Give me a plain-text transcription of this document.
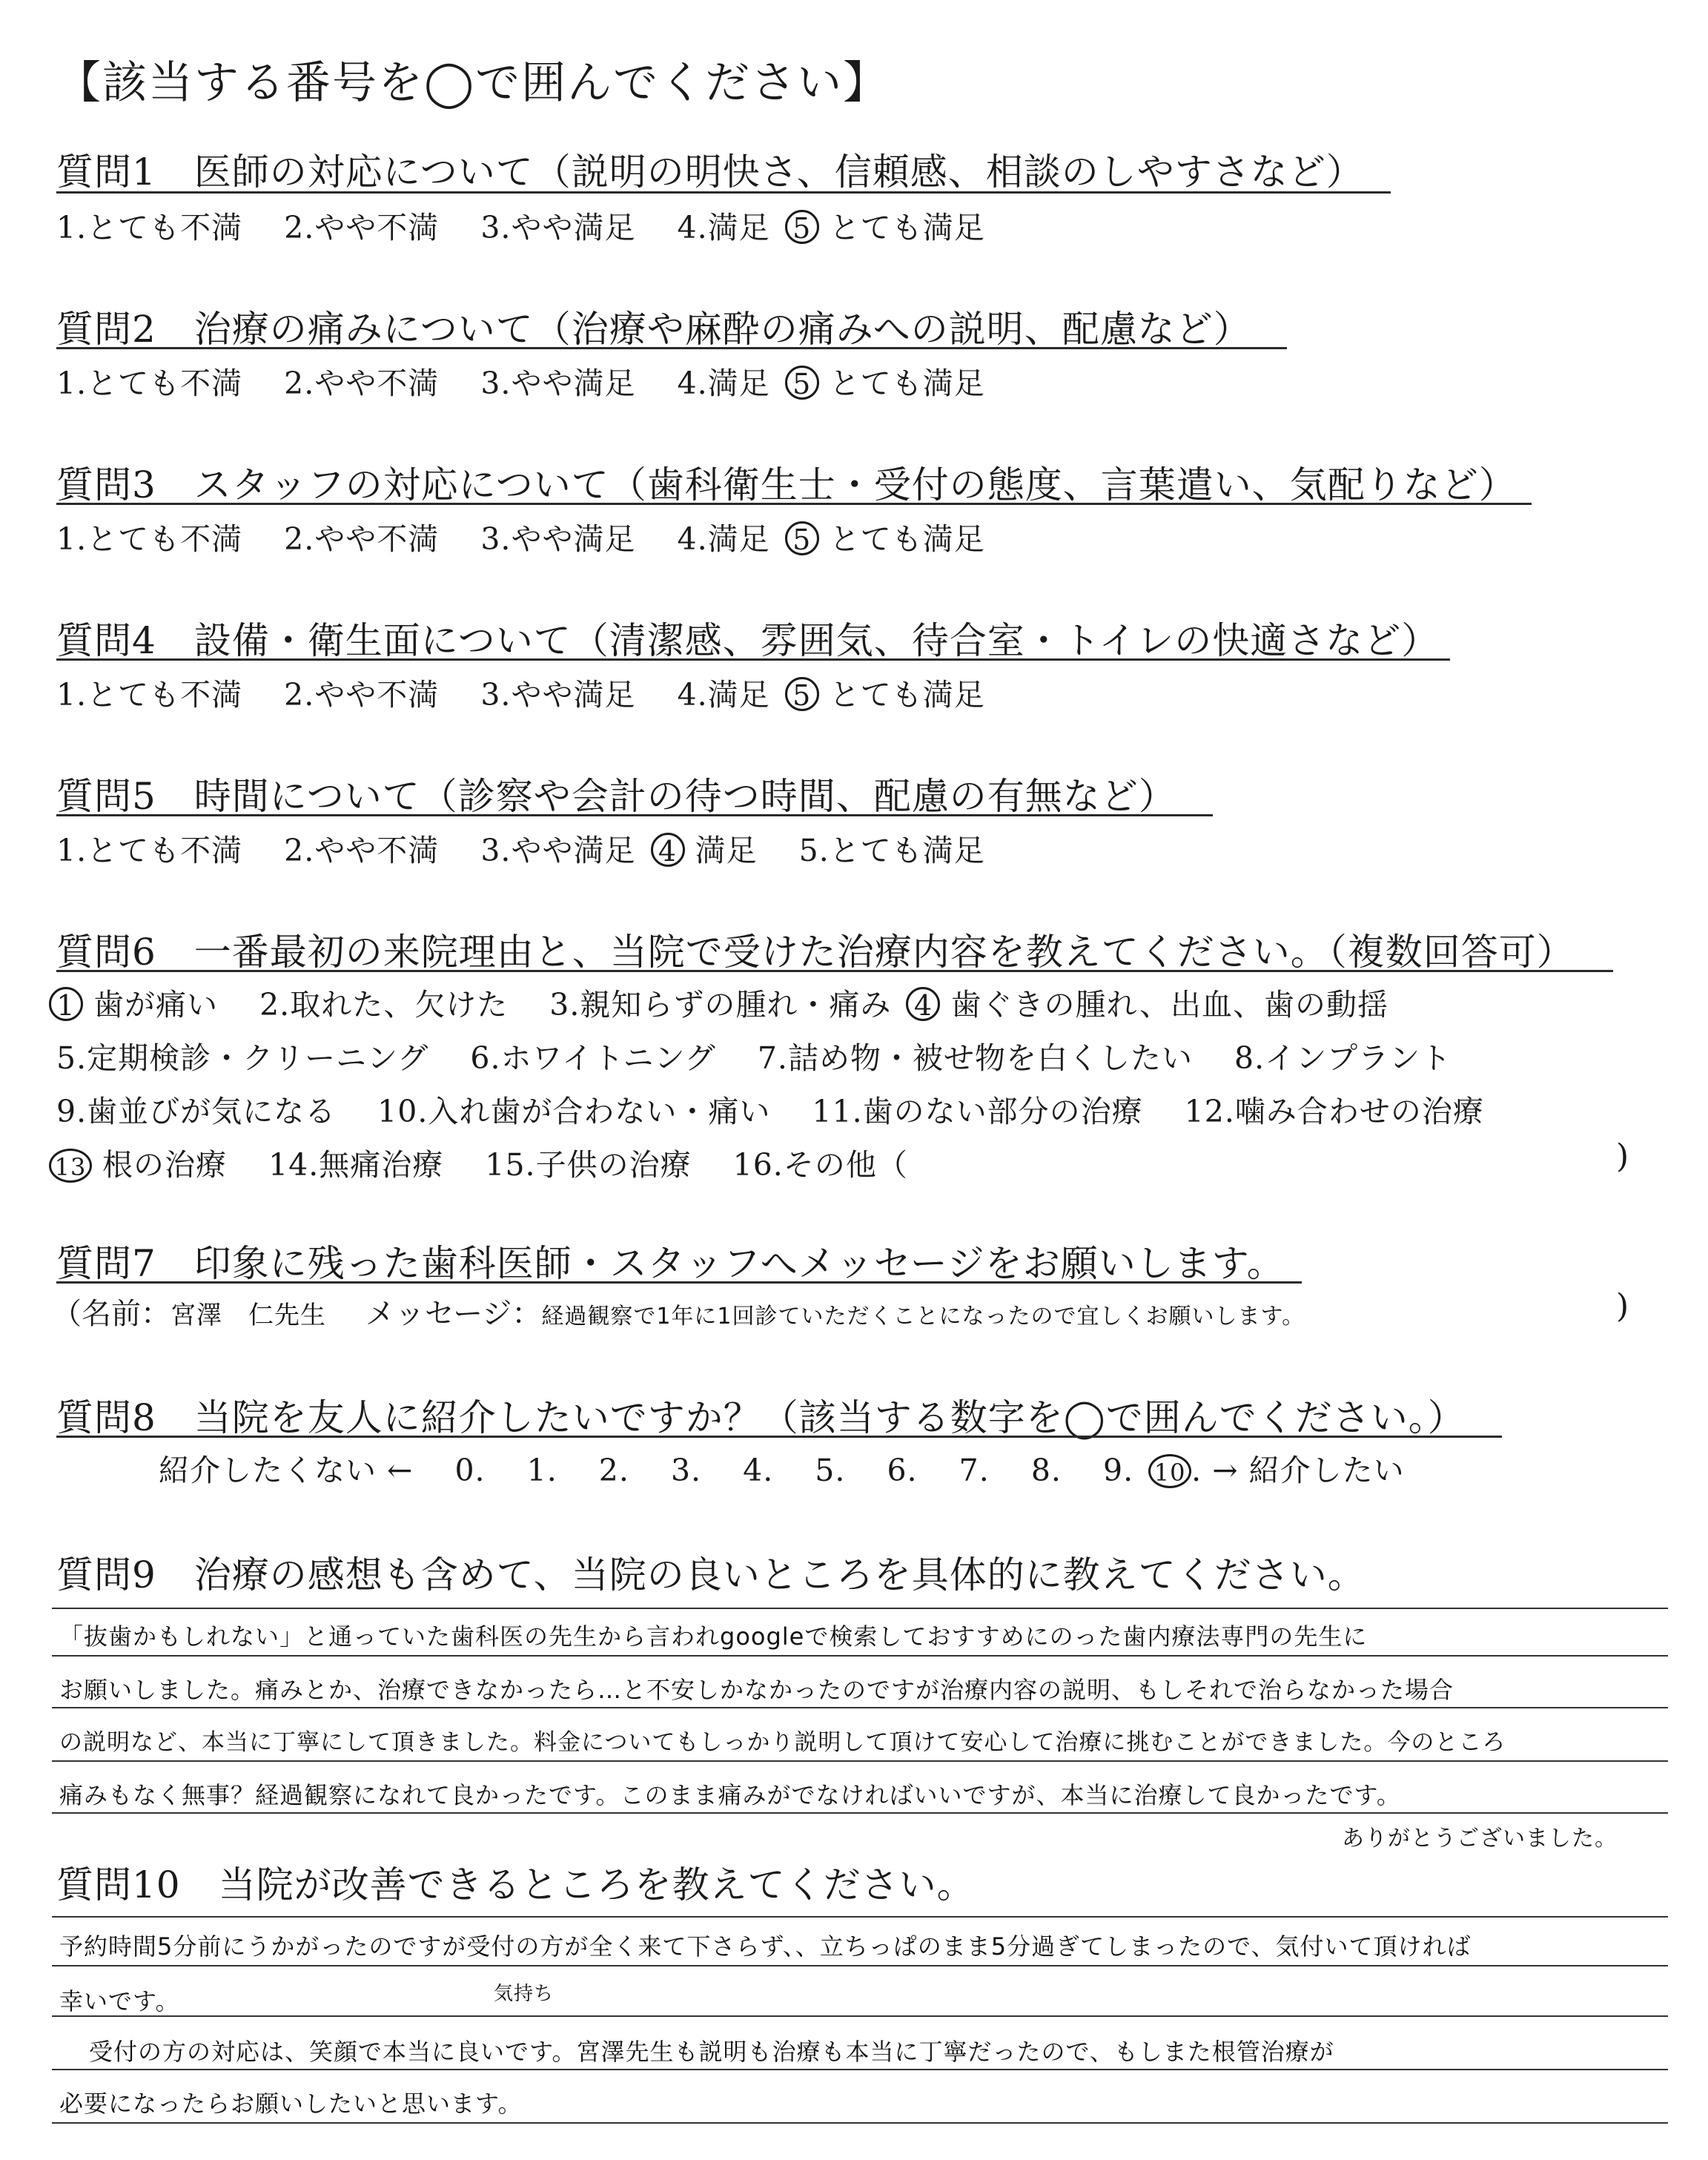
【該当する番号を◯で囲んでください】
質問1　医師の対応について（説明の明快さ、信頼感、相談のしやすさなど）
1.とても不満　 2.やや不満　 3.やや満足　 4.満足 5 とても満足
質問2　治療の痛みについて（治療や麻酔の痛みへの説明、配慮など）
1.とても不満　 2.やや不満　 3.やや満足　 4.満足 5 とても満足
質問3　スタッフの対応について（歯科衛生士・受付の態度、言葉遣い、気配りなど）
1.とても不満　 2.やや不満　 3.やや満足　 4.満足 5 とても満足
質問4　設備・衛生面について（清潔感、雰囲気、待合室・トイレの快適さなど）
1.とても不満　 2.やや不満　 3.やや満足　 4.満足 5 とても満足
質問5　時間について（診察や会計の待つ時間、配慮の有無など）
1.とても不満　 2.やや不満　 3.やや満足 4 満足　 5.とても満足
質問6　一番最初の来院理由と、当院で受けた治療内容を教えてください。（複数回答可）
1 歯が痛い　 2.取れた、欠けた　 3.親知らずの腫れ・痛み 4 歯ぐきの腫れ、出血、歯の動揺
5.定期検診・クリーニング　 6.ホワイトニング　 7.詰め物・被せ物を白くしたい　 8.インプラント
9.歯並びが気になる　 10.入れ歯が合わない・痛い　 11.歯のない部分の治療　 12.噛み合わせの治療
13 根の治療　 14.無痛治療　 15.子供の治療　 16.その他（	)
質問7　印象に残った歯科医師・スタッフへメッセージをお願いします。
（名前：宮澤　仁先生　 メッセージ：経過観察で1年に1回診ていただくことになったので宜しくお願いします。	)
質問8　当院を友人に紹介したいですか？（該当する数字を◯で囲んでください。）
紹介したくない ←　 0.　 1.　 2.　 3.　 4.　 5.　 6.　 7.　 8.　 9. 10 . → 紹介したい
質問9　治療の感想も含めて、当院の良いところを具体的に教えてください。
「抜歯かもしれない」と通っていた歯科医の先生から言われgoogleで検索しておすすめにのった歯内療法専門の先生に
お願いしました。痛みとか、治療できなかったら…と不安しかなかったのですが治療内容の説明、もしそれで治らなかった場合
の説明など、本当に丁寧にして頂きました。料金についてもしっかり説明して頂けて安心して治療に挑むことができました。今のところ
痛みもなく無事？経過観察になれて良かったです。このまま痛みがでなければいいですが、本当に治療して良かったです。
ありがとうございました。
質問10　当院が改善できるところを教えてください。
予約時間5分前にうかがったのですが受付の方が全く来て下さらず、、立ちっぱのまま5分過ぎてしまったので、気付いて頂ければ
幸いです。	気持ち
受付の方の対応は、笑顔で本当に良いです。宮澤先生も説明も治療も本当に丁寧だったので、もしまた根管治療が
必要になったらお願いしたいと思います。
